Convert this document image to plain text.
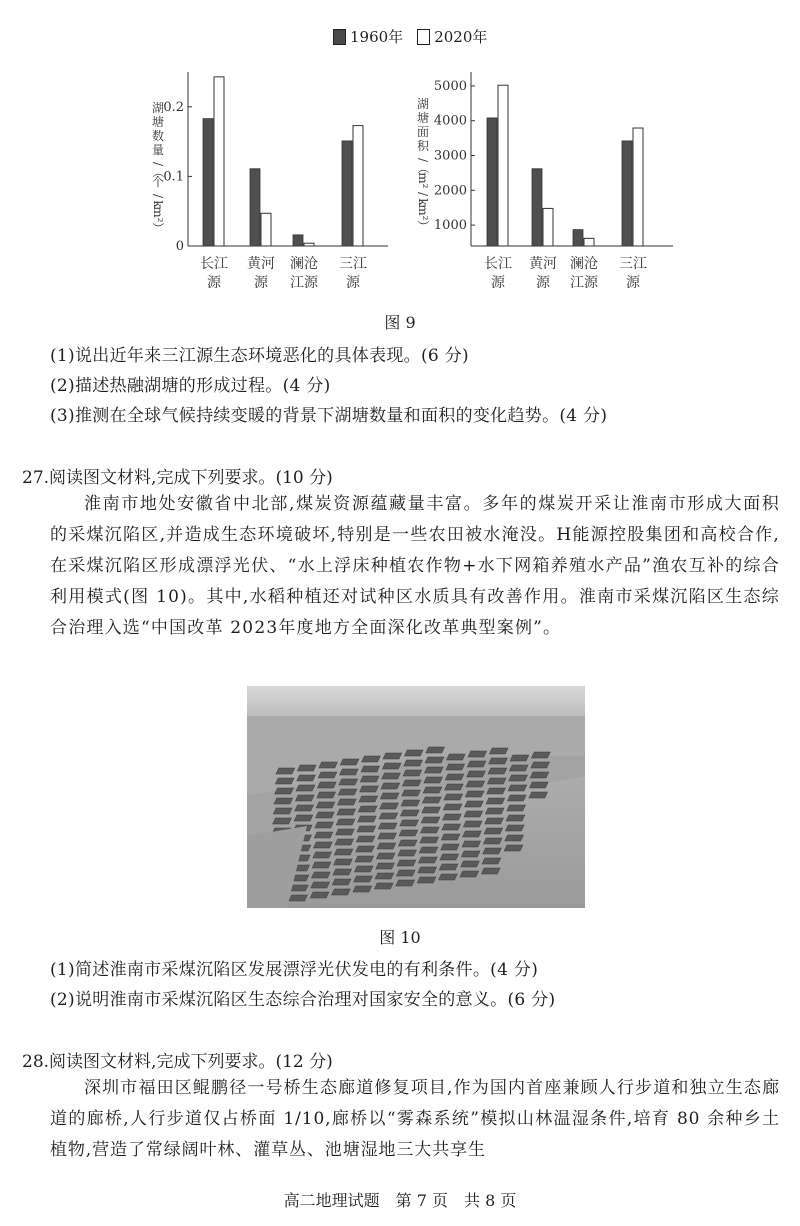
1960年 2020年
0
0.1
0.2
湖
塘
数
量
/
（
个
/
k
m
²
）
长江
源
黄河
源
澜沧
江源
三江
源
1000
2000
3000
4000
5000
湖
塘
面
积
/
（
m
²
/
k
m
²
）
长江
源
黄河
源
澜沧
江源
三江
源
图 9
(1)说出近年来三江源生态环境恶化的具体表现。(6 分)
(2)描述热融湖塘的形成过程。(4 分)
(3)推测在全球气候持续变暖的背景下湖塘数量和面积的变化趋势。(4 分)
27.阅读图文材料,完成下列要求。(10 分)
淮南市地处安徽省中北部,煤炭资源蕴藏量丰富。多年的煤炭开采让淮南市形成大面积的采煤沉陷区,并造成生态环境破坏,特别是一些农田被水淹没。H能源控股集团和高校合作,在采煤沉陷区形成漂浮光伏、“水上浮床种植农作物+水下网箱养殖水产品”渔农互补的综合利用模式(图 10)。其中,水稻种植还对试种区水质具有改善作用。淮南市采煤沉陷区生态综合治理入选“中国改革 2023年度地方全面深化改革典型案例”。
图 10
(1)简述淮南市采煤沉陷区发展漂浮光伏发电的有利条件。(4 分)
(2)说明淮南市采煤沉陷区生态综合治理对国家安全的意义。(6 分)
28.阅读图文材料,完成下列要求。(12 分)
深圳市福田区鲲鹏径一号桥生态廊道修复项目,作为国内首座兼顾人行步道和独立生态廊道的廊桥,人行步道仅占桥面 1/10,廊桥以“雾森系统”模拟山林温湿条件,培育 80 余种乡土植物,营造了常绿阔叶林、灌草丛、池塘湿地三大共享生
高二地理试题　第 7 页　共 8 页
